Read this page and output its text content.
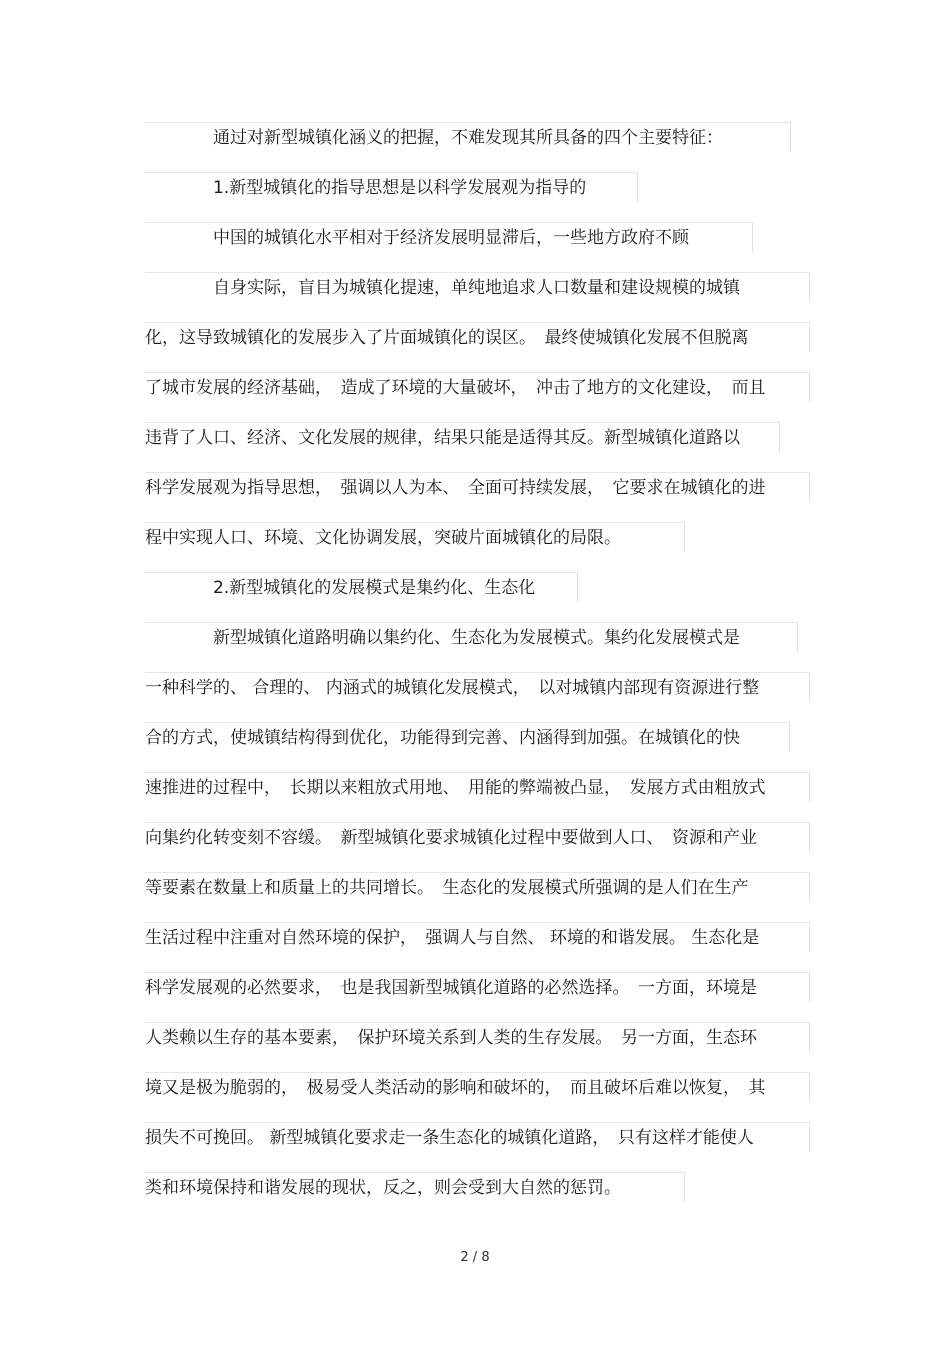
通过对新型城镇化涵义的把握，不难发现其所具备的四个主要特征：
1.新型城镇化的指导思想是以科学发展观为指导的
中国的城镇化水平相对于经济发展明显滞后，一些地方政府不顾
自身实际，盲目为城镇化提速，单纯地追求人口数量和建设规模的城镇
化，这导致城镇化的发展步入了片面城镇化的误区。　最终使城镇化发展不但脱离
了城市发展的经济基础，　造成了环境的大量破坏，　冲击了地方的文化建设，　而且
违背了人口、经济、文化发展的规律，结果只能是适得其反。新型城镇化道路以
科学发展观为指导思想，　强调以人为本、　全面可持续发展，　它要求在城镇化的进
程中实现人口、环境、文化协调发展，突破片面城镇化的局限。
2.新型城镇化的发展模式是集约化、生态化
新型城镇化道路明确以集约化、生态化为发展模式。集约化发展模式是
一种科学的、 合理的、 内涵式的城镇化发展模式，　以对城镇内部现有资源进行整
合的方式，使城镇结构得到优化，功能得到完善、内涵得到加强。在城镇化的快
速推进的过程中，　长期以来粗放式用地、　用能的弊端被凸显，　发展方式由粗放式
向集约化转变刻不容缓。　新型城镇化要求城镇化过程中要做到人口、　资源和产业
等要素在数量上和质量上的共同增长。　生态化的发展模式所强调的是人们在生产
生活过程中注重对自然环境的保护，　强调人与自然、 环境的和谐发展。 生态化是
科学发展观的必然要求，　也是我国新型城镇化道路的必然选择。　一方面，环境是
人类赖以生存的基本要素，　保护环境关系到人类的生存发展。　另一方面，生态环
境又是极为脆弱的，　极易受人类活动的影响和破坏的，　而且破坏后难以恢复，　其
损失不可挽回。 新型城镇化要求走一条生态化的城镇化道路，　只有这样才能使人
类和环境保持和谐发展的现状，反之，则会受到大自然的惩罚。
2 / 8
